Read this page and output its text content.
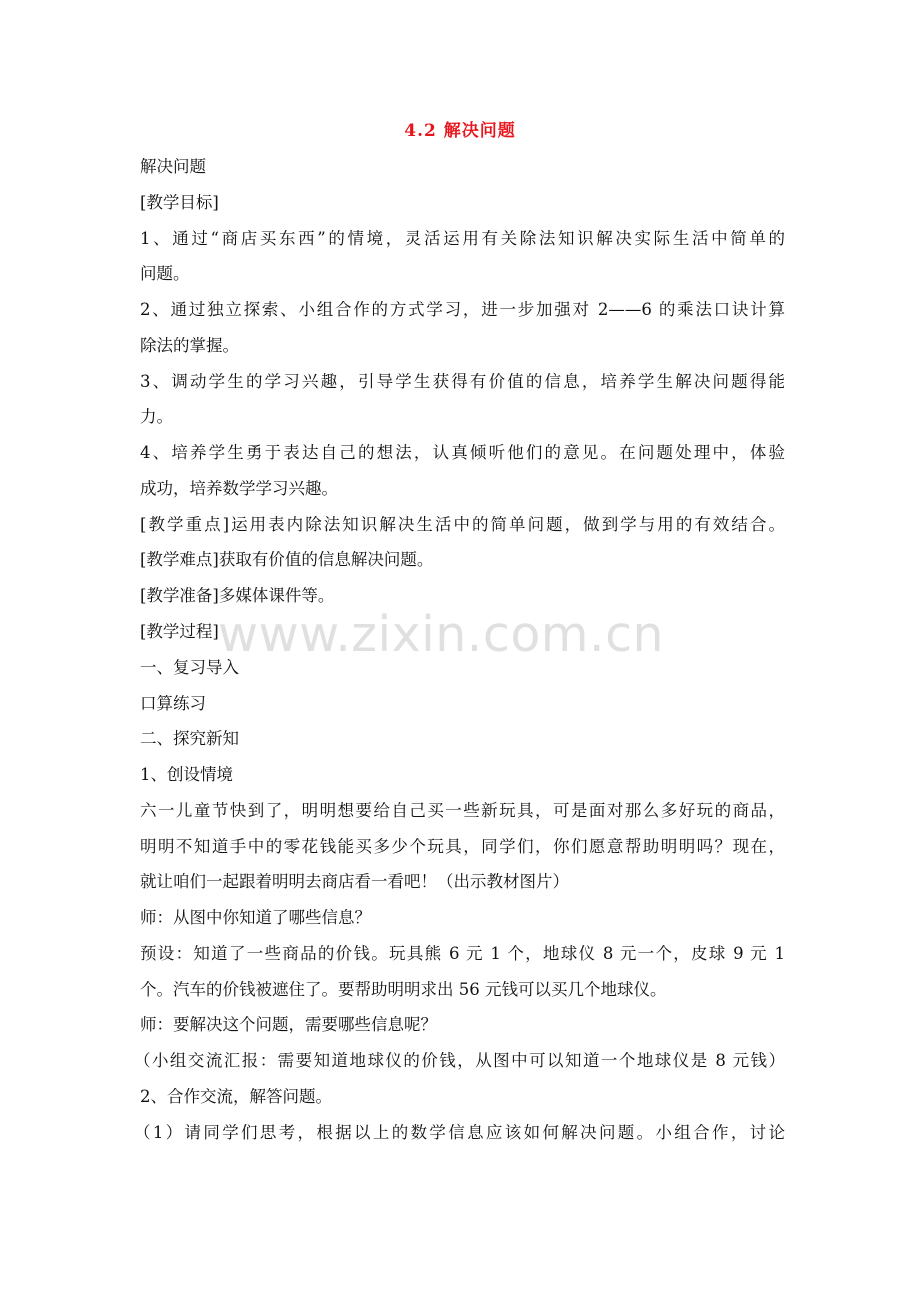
4.2 解决问题
www.zixin.com.cn
解决问题
[教学目标]
1、通过“商店买东西”的情境，灵活运用有关除法知识解决实际生活中简单的
问题。
2、通过独立探索、小组合作的方式学习，进一步加强对 2——6 的乘法口诀计算
除法的掌握。
3、调动学生的学习兴趣，引导学生获得有价值的信息，培养学生解决问题得能
力。
4、培养学生勇于表达自己的想法，认真倾听他们的意见。在问题处理中，体验
成功，培养数学学习兴趣。
[教学重点]运用表内除法知识解决生活中的简单问题，做到学与用的有效结合。
[教学难点]获取有价值的信息解决问题。
[教学准备]多媒体课件等。
[教学过程]
一、复习导入
口算练习
二、探究新知
1、创设情境
六一儿童节快到了，明明想要给自己买一些新玩具，可是面对那么多好玩的商品，
明明不知道手中的零花钱能买多少个玩具，同学们，你们愿意帮助明明吗？现在，
就让咱们一起跟着明明去商店看一看吧！（出示教材图片）
师：从图中你知道了哪些信息？
预设：知道了一些商品的价钱。玩具熊 6 元 1 个，地球仪 8 元一个，皮球 9 元 1
个。汽车的价钱被遮住了。要帮助明明求出 56 元钱可以买几个地球仪。
师：要解决这个问题，需要哪些信息呢？
（小组交流汇报：需要知道地球仪的价钱，从图中可以知道一个地球仪是 8 元钱）
2、合作交流，解答问题。
（1）请同学们思考，根据以上的数学信息应该如何解决问题。小组合作，讨论
